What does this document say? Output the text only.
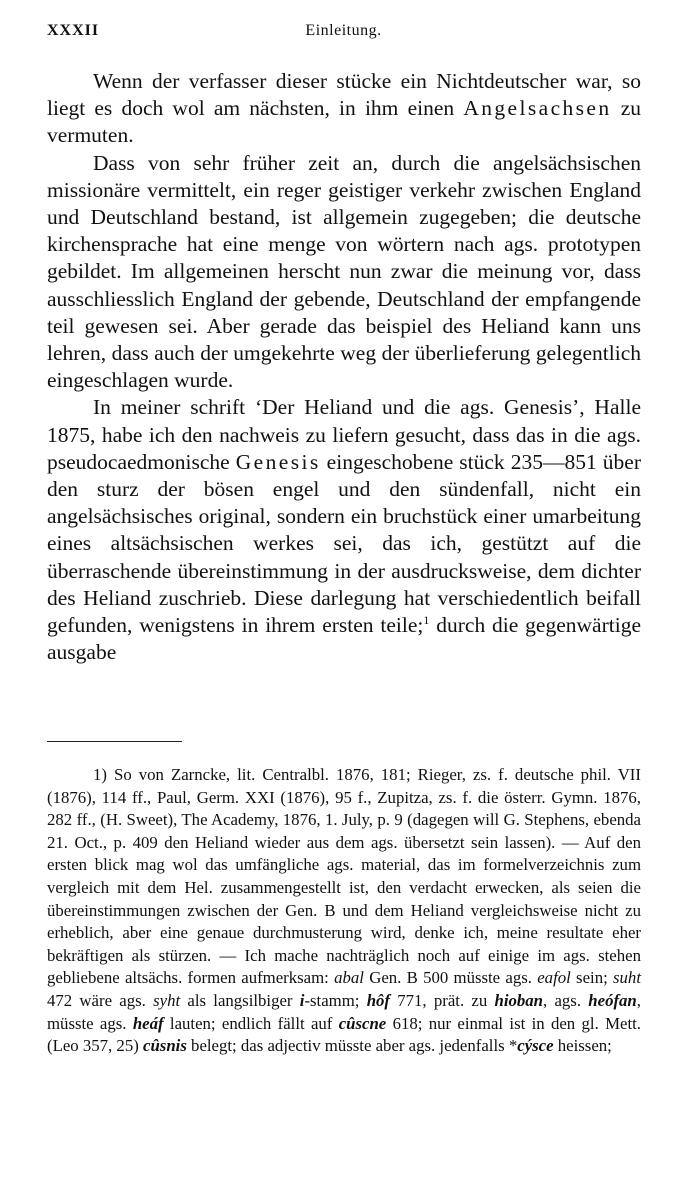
XXXII	Einleitung.

Wenn der verfasser dieser stücke ein Nichtdeutscher war, so liegt es doch wol am nächsten, in ihm einen Angelsachsen zu vermuten.

Dass von sehr früher zeit an, durch die angelsächsischen missionäre vermittelt, ein reger geistiger verkehr zwischen England und Deutschland bestand, ist allgemein zugegeben; die deutsche kirchensprache hat eine menge von wörtern nach ags. prototypen gebildet. Im allgemeinen herscht nun zwar die meinung vor, dass ausschliesslich England der gebende, Deutschland der empfangende teil gewesen sei. Aber gerade das beispiel des Heliand kann uns lehren, dass auch der umgekehrte weg der überlieferung gelegentlich eingeschlagen wurde.

In meiner schrift ‘Der Heliand und die ags. Genesis’, Halle 1875, habe ich den nachweis zu liefern gesucht, dass das in die ags. pseudocaedmonische Genesis eingeschobene stück 235—851 über den sturz der bösen engel und den sündenfall, nicht ein angelsächsisches original, sondern ein bruchstück einer umarbeitung eines altsächsischen werkes sei, das ich, gestützt auf die überraschende übereinstimmung in der ausdrucksweise, dem dichter des Heliand zuschrieb. Diese darlegung hat verschiedentlich beifall gefunden, wenigstens in ihrem ersten teile;$^1$ durch die gegenwärtige ausgabe

1) So von Zarncke, lit. Centralbl. 1876, 181; Rieger, zs. f. deutsche phil. VII (1876), 114 ff., Paul, Germ. XXI (1876), 95 f., Zupitza, zs. f. die österr. Gymn. 1876, 282 ff., (H. Sweet), The Academy, 1876, 1. July, p. 9 (dagegen will G. Stephens, ebenda 21. Oct., p. 409 den Heliand wieder aus dem ags. übersetzt sein lassen). — Auf den ersten blick mag wol das umfängliche ags. material, das im formelverzeichnis zum vergleich mit dem Hel. zusammengestellt ist, den verdacht erwecken, als seien die übereinstimmungen zwischen der Gen. B und dem Heliand vergleichsweise nicht zu erheblich, aber eine genaue durchmusterung wird, denke ich, meine resultate eher bekräftigen als stürzen. — Ich mache nachträglich noch auf einige im ags. stehen gebliebene altsächs. formen aufmerksam: abal Gen. B 500 müsste ags. eafol sein; suht 472 wäre ags. syht als langsilbiger i-stamm; hôf 771, prät. zu hioban, ags. heófan, müsste ags. heáf lauten; endlich fällt auf cûscne 618; nur einmal ist in den gl. Mett. (Leo 357, 25) cûsnis belegt; das adjectiv müsste aber ags. jedenfalls *cýsce heissen;
